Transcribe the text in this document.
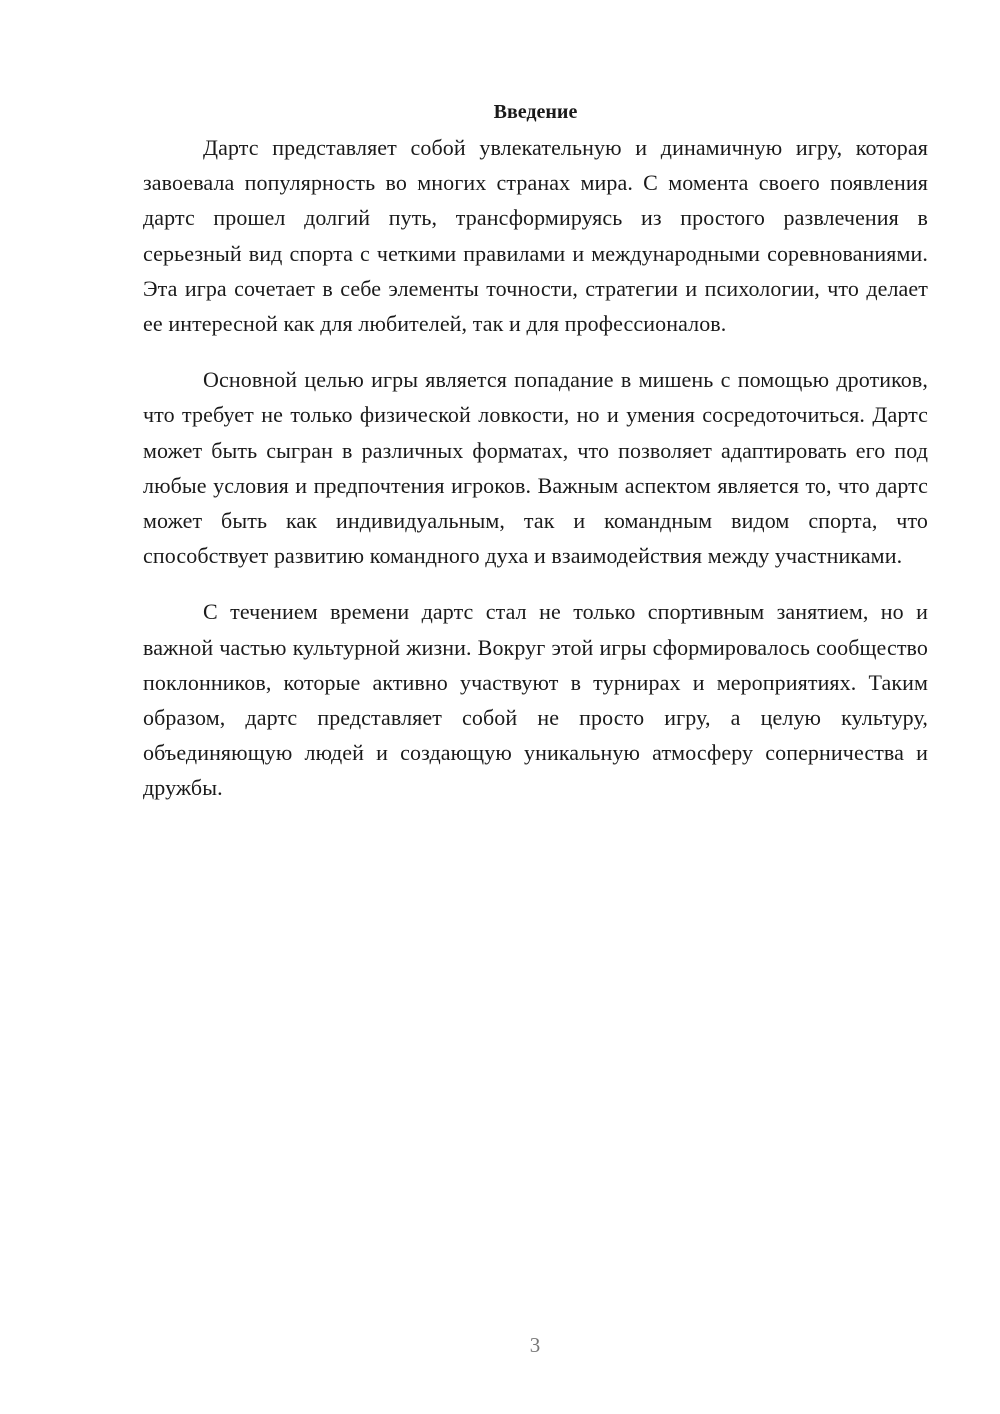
Введение

Дартс представляет собой увлекательную и динамичную игру, которая завоевала популярность во многих странах мира. С момента своего появления дартс прошел долгий путь, трансформируясь из простого развлечения в серьезный вид спорта с четкими правилами и международными соревнованиями. Эта игра сочетает в себе элементы точности, стратегии и психологии, что делает ее интересной как для любителей, так и для профессионалов.

Основной целью игры является попадание в мишень с помощью дротиков, что требует не только физической ловкости, но и умения сосредоточиться. Дартс может быть сыгран в различных форматах, что позволяет адаптировать его под любые условия и предпочтения игроков. Важным аспектом является то, что дартс может быть как индивидуальным, так и командным видом спорта, что способствует развитию командного духа и взаимодействия между участниками.

С течением времени дартс стал не только спортивным занятием, но и важной частью культурной жизни. Вокруг этой игры сформировалось сообщество поклонников, которые активно участвуют в турнирах и мероприятиях. Таким образом, дартс представляет собой не просто игру, а целую культуру, объединяющую людей и создающую уникальную атмосферу соперничества и дружбы.

3
